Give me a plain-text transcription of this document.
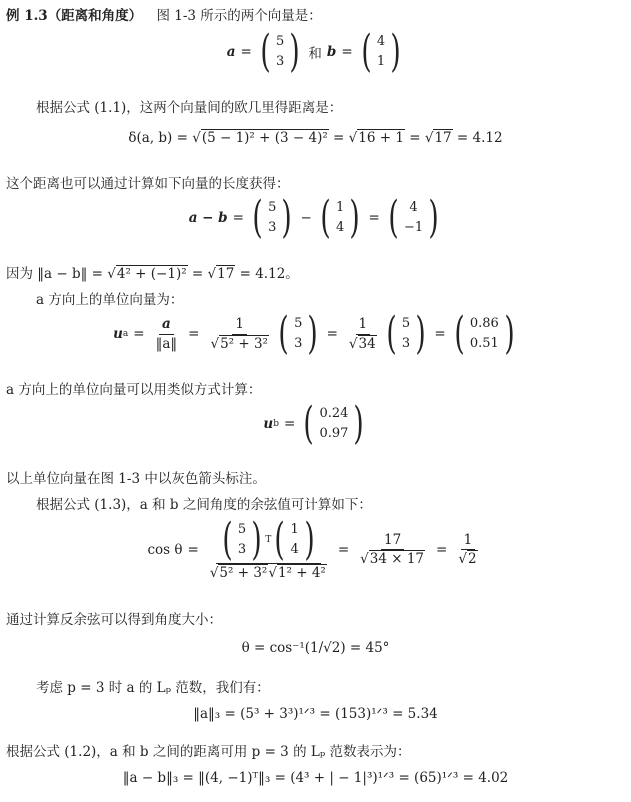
例 1.3（距离和角度） 图 1-3 所示的两个向量是：
a = ( 5
3 ) 和 b = ( 4
1 )
根据公式 (1.1)，这两个向量间的欧几里得距离是：
δ(a, b) = √(5 − 1)² + (3 − 4)² = √16 + 1 = √17 = 4.12
这个距离也可以通过计算如下向量的长度获得：
a − b = ( 5
3 ) − ( 1
4 ) = ( 4
−1 )
因为 ‖a − b‖ = √4² + (−1)² = √17 = 4.12。
a 方向上的单位向量为：
u $a = \frac{a}{‖a‖} = \frac{1}{\text{√5² + 3²}}$ ( 5
3 ) = $\frac{1}{√34}$ ( 5
3 ) = ( 0.86
0.51 )
a 方向上的单位向量可以用类似方式计算：
u b = ( 0.24
0.97 )
以上单位向量在图 1-3 中以灰色箭头标注。
根据公式 (1.3)，a 和 b 之间角度的余弦值可计算如下：
cos θ = ( 5
3 ) T ( 1
4 )
$√5^2 + 3^2√1^2 + 4^2 = \frac{17}{√34 \times 17} = \frac{1}{√2}$
通过计算反余弦可以得到角度大小：
θ = cos⁻¹(1/√2) = 45°
考虑 p = 3 时 a 的 Lₚ 范数，我们有：
‖a‖₃ = (5³ + 3³)¹ᐟ³ = (153)¹ᐟ³ = 5.34
根据公式 (1.2)，a 和 b 之间的距离可用 p = 3 的 Lₚ 范数表示为：
‖a − b‖₃ = ‖(4, −1)ᵀ‖₃ = (4³ + | − 1|³)¹ᐟ³ = (65)¹ᐟ³ = 4.02
